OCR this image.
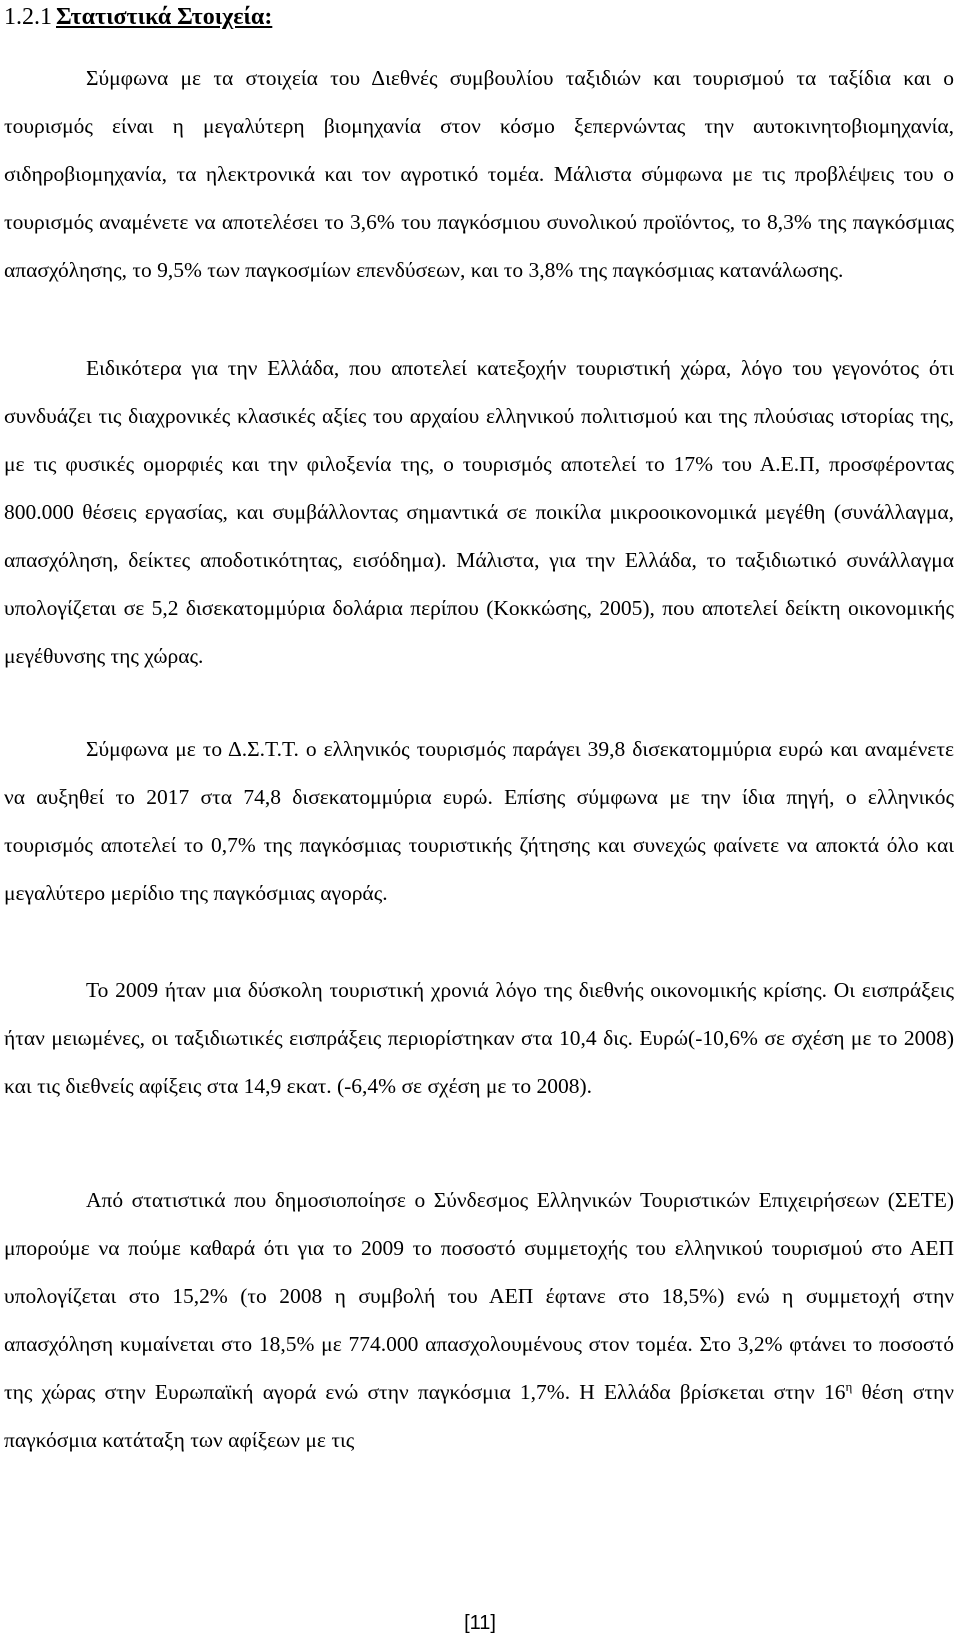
1.2.1 Στατιστικά Στοιχεία:

Σύμφωνα με τα στοιχεία του Διεθνές συμβουλίου ταξιδιών και τουρισμού τα ταξίδια και ο τουρισμός είναι η μεγαλύτερη βιομηχανία στον κόσμο ξεπερνώντας την αυτοκινητοβιομηχανία, σιδηροβιομηχανία, τα ηλεκτρονικά και τον αγροτικό τομέα. Μάλιστα σύμφωνα με τις προβλέψεις του ο τουρισμός αναμένετε να αποτελέσει το 3,6% του παγκόσμιου συνολικού προϊόντος, το 8,3% της παγκόσμιας απασχόλησης, το 9,5% των παγκοσμίων επενδύσεων, και το 3,8% της παγκόσμιας κατανάλωσης.

Ειδικότερα για την Ελλάδα, που αποτελεί κατεξοχήν τουριστική χώρα, λόγο του γεγονότος ότι συνδυάζει τις διαχρονικές κλασικές αξίες του αρχαίου ελληνικού πολιτισμού και της πλούσιας ιστορίας της, με τις φυσικές ομορφιές και την φιλοξενία της, ο τουρισμός αποτελεί το 17% του Α.Ε.Π, προσφέροντας 800.000 θέσεις εργασίας, και συμβάλλοντας σημαντικά σε ποικίλα μικροοικονομικά μεγέθη (συνάλλαγμα, απασχόληση, δείκτες αποδοτικότητας, εισόδημα). Μάλιστα, για την Ελλάδα, το ταξιδιωτικό συνάλλαγμα υπολογίζεται σε 5,2 δισεκατομμύρια δολάρια περίπου (Κοκκώσης, 2005), που αποτελεί δείκτη οικονομικής μεγέθυνσης της χώρας.

Σύμφωνα με το Δ.Σ.Τ.Τ. ο ελληνικός τουρισμός παράγει 39,8 δισεκατομμύρια ευρώ και αναμένετε να αυξηθεί το 2017 στα 74,8 δισεκατομμύρια ευρώ. Επίσης σύμφωνα με την ίδια πηγή, ο ελληνικός τουρισμός αποτελεί το 0,7% της παγκόσμιας τουριστικής ζήτησης και συνεχώς φαίνετε να αποκτά όλο και μεγαλύτερο μερίδιο της παγκόσμιας αγοράς.

Το 2009 ήταν μια δύσκολη τουριστική χρονιά λόγο της διεθνής οικονομικής κρίσης. Οι εισπράξεις ήταν μειωμένες, οι ταξιδιωτικές εισπράξεις περιορίστηκαν στα 10,4 δις. Ευρώ(-10,6% σε σχέση με το 2008) και τις διεθνείς αφίξεις στα 14,9 εκατ. (-6,4% σε σχέση με το 2008).

Από στατιστικά που δημοσιοποίησε ο Σύνδεσμος Ελληνικών Τουριστικών Επιχειρήσεων (ΣΕΤΕ) μπορούμε να πούμε καθαρά ότι για το 2009 το ποσοστό συμμετοχής του ελληνικού τουρισμού στο ΑΕΠ υπολογίζεται στο 15,2% (το 2008 η συμβολή του ΑΕΠ έφτανε στο 18,5%) ενώ η συμμετοχή στην απασχόληση κυμαίνεται στο 18,5% με 774.000 απασχολουμένους στον τομέα. Στο 3,2% φτάνει το ποσοστό της χώρας στην Ευρωπαϊκή αγορά ενώ στην παγκόσμια 1,7%. Η Ελλάδα βρίσκεται στην $16^\eta$ θέση στην παγκόσμια κατάταξη των αφίξεων με τις

[11]
